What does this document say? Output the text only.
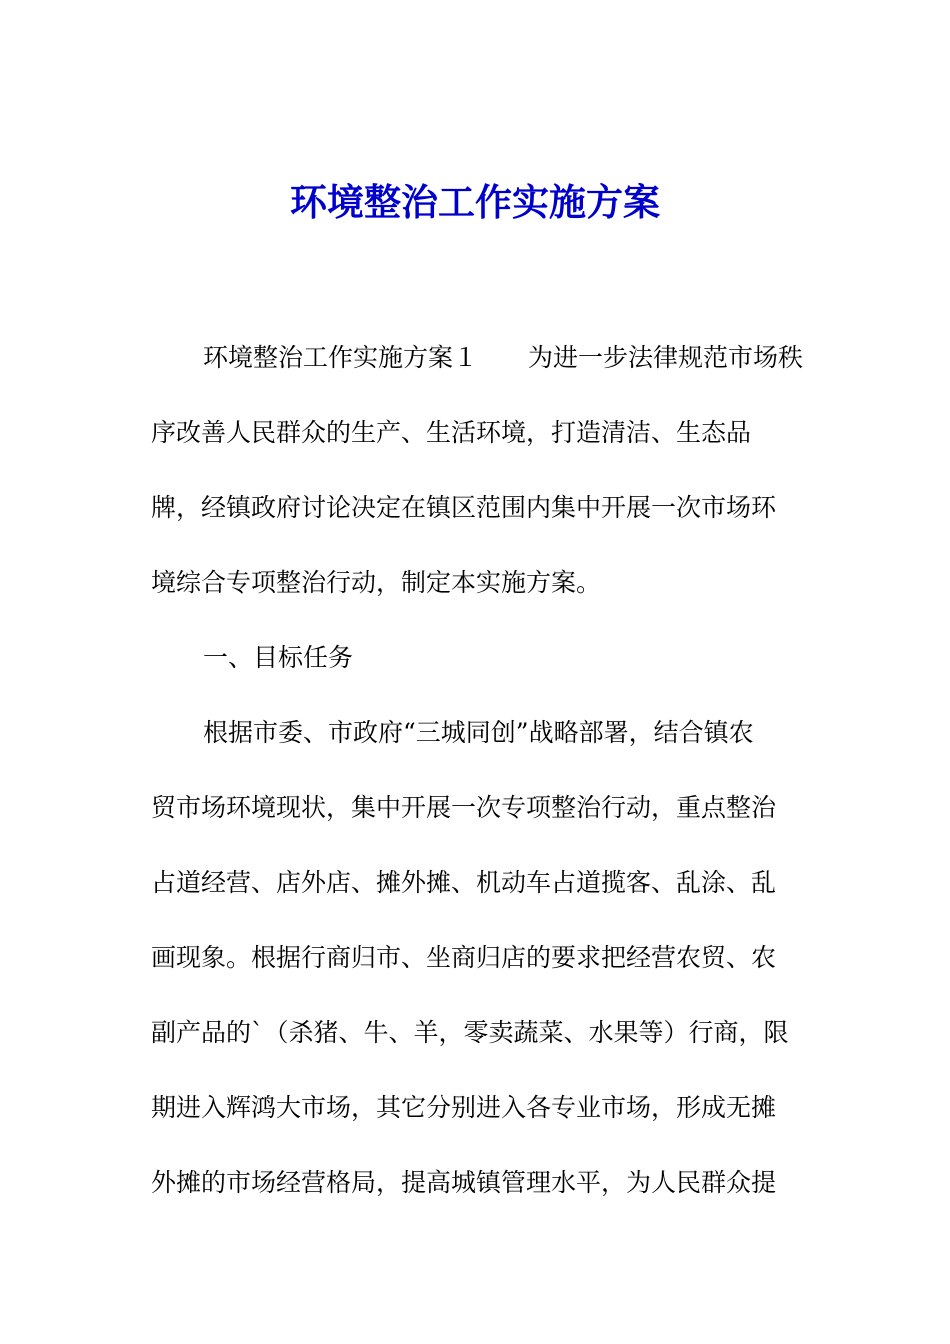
环境整治工作实施方案
环境整治工作实施方案１ 为进一步法律规范市场秩
序改善人民群众的生产、生活环境，打造清洁、生态品
牌，经镇政府讨论决定在镇区范围内集中开展一次市场环
境综合专项整治行动，制定本实施方案。
一、目标任务
根据市委、市政府“三城同创”战略部署，结合镇农
贸市场环境现状，集中开展一次专项整治行动，重点整治
占道经营、店外店、摊外摊、机动车占道揽客、乱涂、乱
画现象。根据行商归市、坐商归店的要求把经营农贸、农
副产品的`（杀猪、牛、羊，零卖蔬菜、水果等）行商，限
期进入辉鸿大市场，其它分别进入各专业市场，形成无摊
外摊的市场经营格局，提高城镇管理水平，为人民群众提
